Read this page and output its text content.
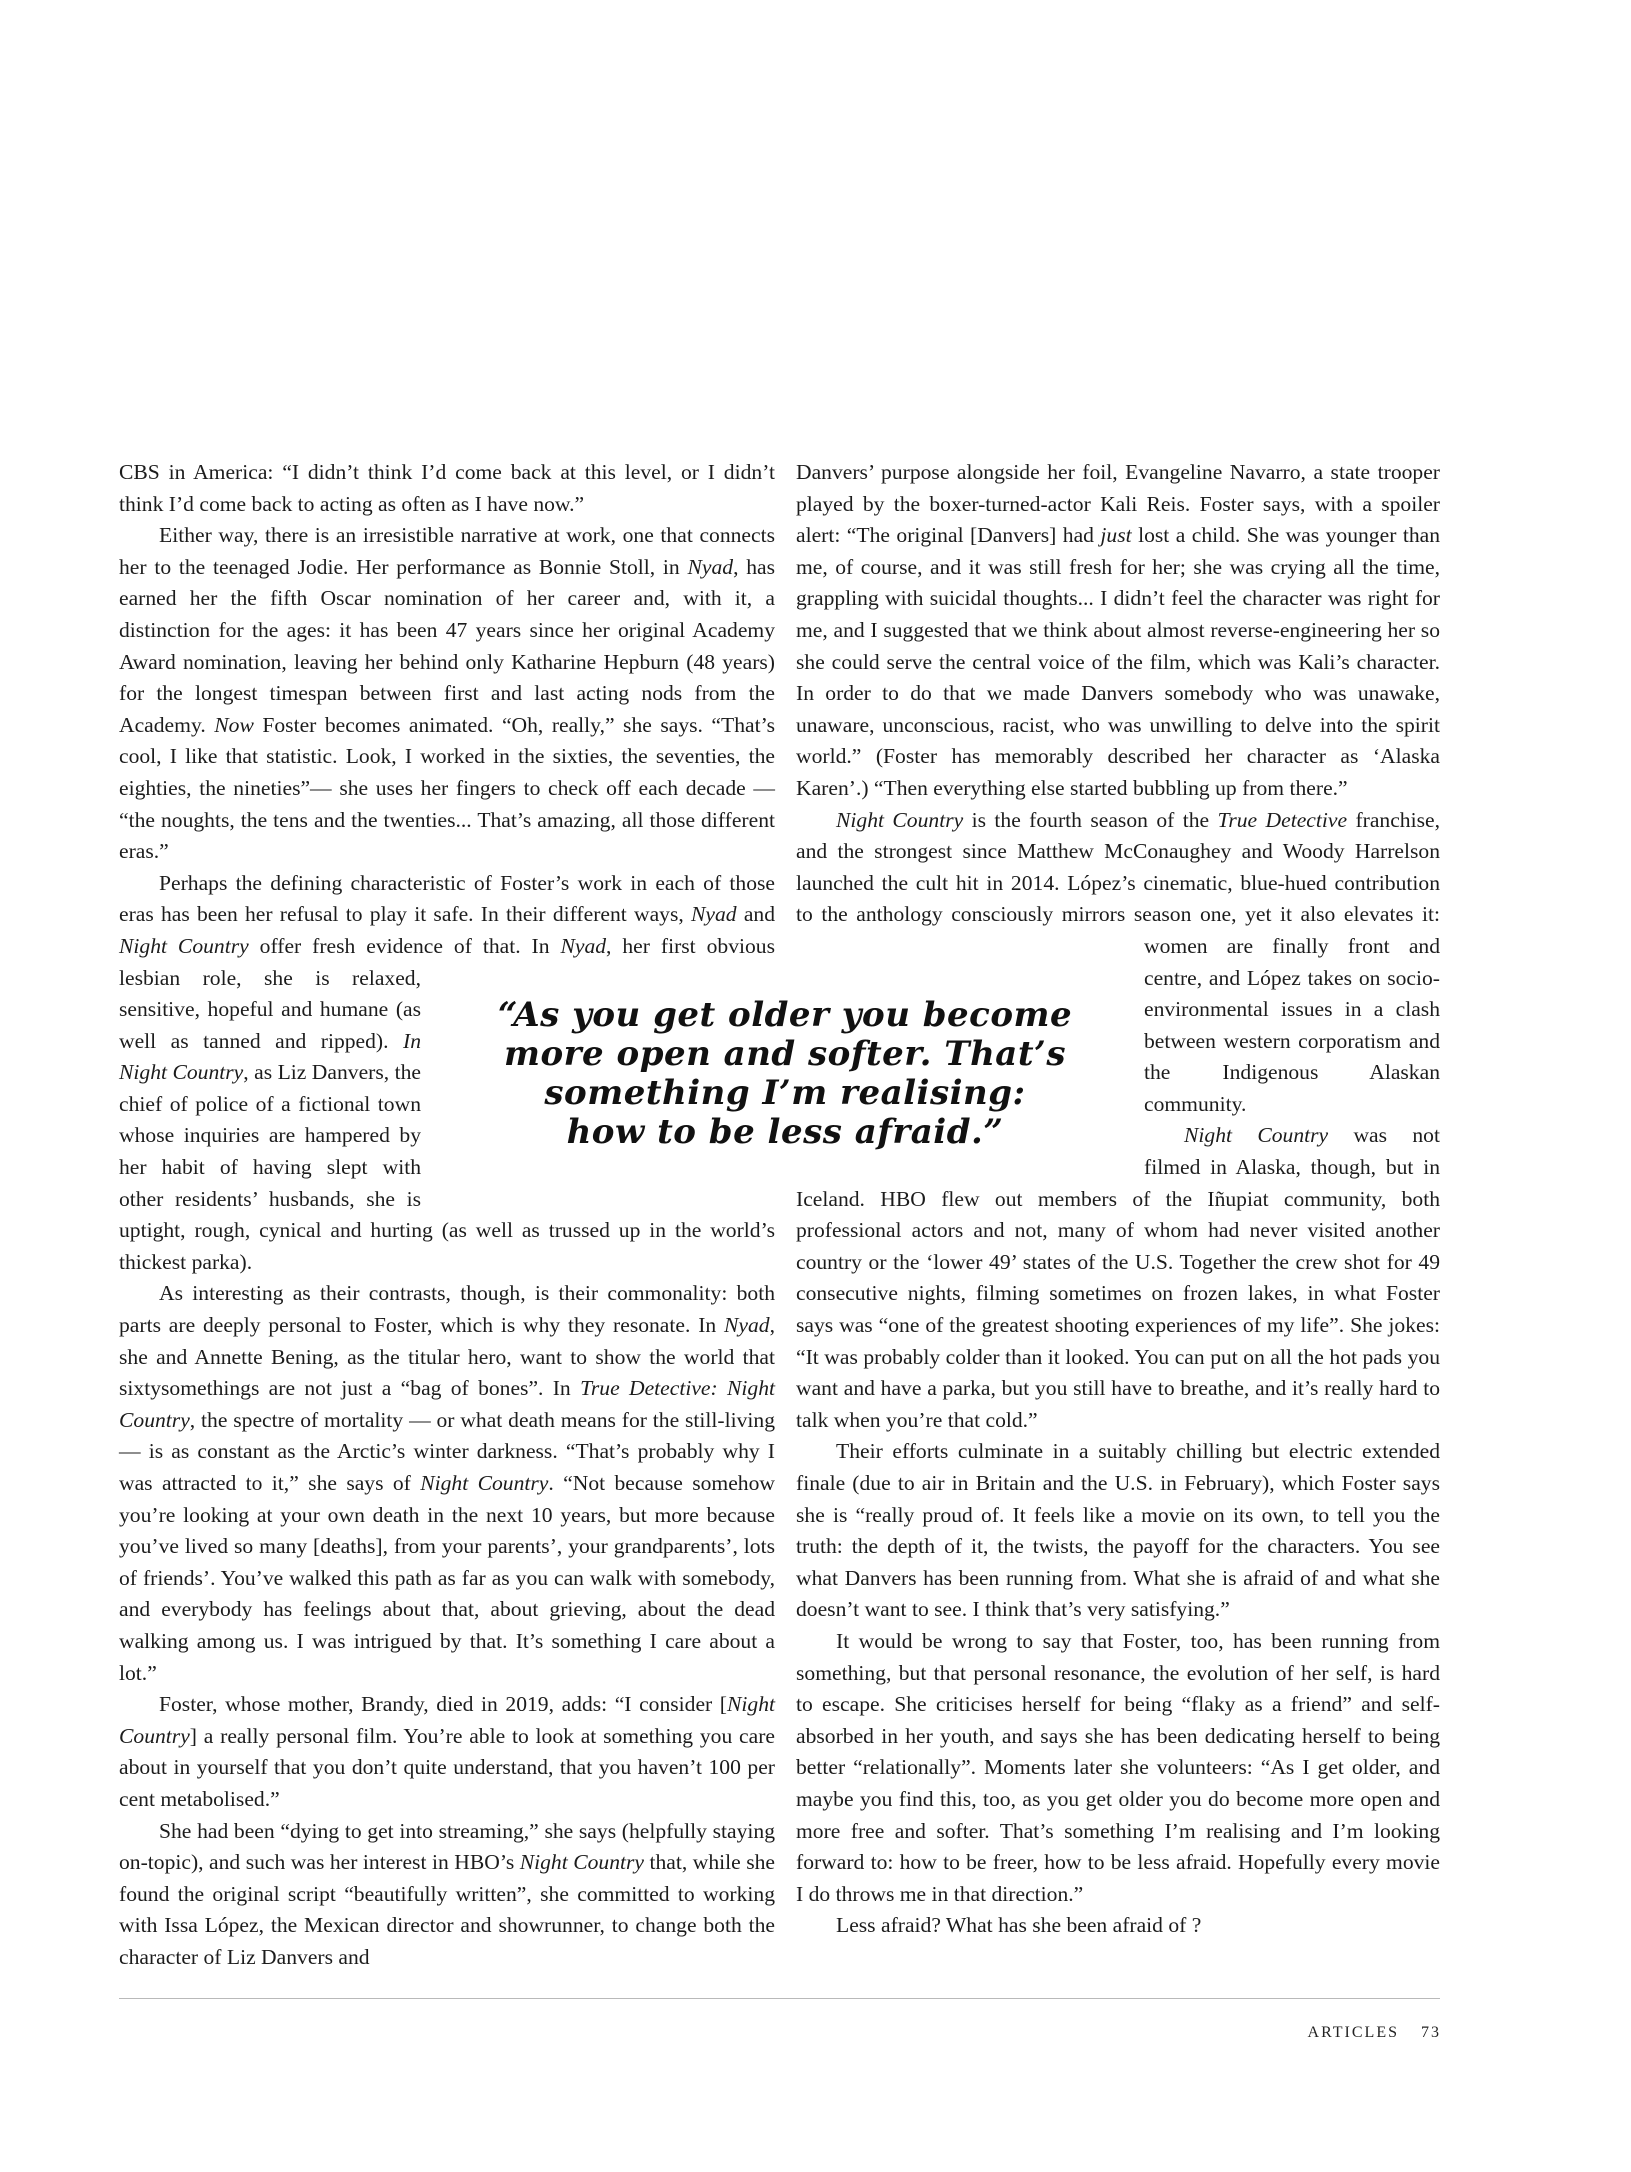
CBS in America: “I didn’t think I’d come back at this level, or I didn’t think I’d come back to acting as often as I have now.”

Either way, there is an irresistible narrative at work, one that connects her to the teenaged Jodie. Her performance as Bonnie Stoll, in Nyad, has earned her the fifth Oscar nomination of her career and, with it, a distinction for the ages: it has been 47 years since her original Academy Award nomination, leaving her behind only Katharine Hepburn (48 years) for the longest timespan between first and last acting nods from the Academy. Now Foster becomes animated. “Oh, really,” she says. “That’s cool, I like that statistic. Look, I worked in the sixties, the seventies, the eighties, the nineties”— she uses her fingers to check off each decade — “the noughts, the tens and the twenties... That’s amazing, all those different eras.”

Perhaps the defining characteristic of Foster’s work in each of those eras has been her refusal to play it safe. In their different ways, Nyad and Night Country offer fresh evidence of that. In
Nyad, her first obvious lesbian role, she is relaxed, sensitive, hopeful and humane (as well as tanned and ripped). In Night Country, as Liz Danvers, the chief of police of a fictional town whose inquiries are hampered by her habit of having slept with other residents’ husbands, she is uptight, rough, cynical and hurting (as well as trussed up in the world’s thickest parka).

As interesting as their contrasts, though, is their commonality: both parts are deeply personal to Foster, which is why they resonate. In Nyad, she and Annette Bening, as the titular hero, want to show the world that sixtysomethings are not just a “bag of bones”. In True Detective: Night Country, the spectre of mortality — or what death means for the still-living — is as constant as the Arctic’s winter darkness. “That’s probably why I was attracted to it,” she says of Night Country. “Not because somehow you’re looking at your own death in the next 10 years, but more because you’ve lived so many [deaths], from your parents’, your grandparents’, lots of friends’. You’ve walked this path as far as you can walk with somebody, and everybody has feelings about that, about grieving, about the dead walking among us. I was intrigued by that. It’s something I care about a lot.”

Foster, whose mother, Brandy, died in 2019, adds: “I consider [Night Country] a really personal film. You’re able to look at something you care about in yourself that you don’t quite understand, that you haven’t 100 per cent metabolised.”

She had been “dying to get into streaming,” she says (helpfully staying on-topic), and such was her interest in HBO’s Night Country that, while she found the original script “beautifully written”, she committed to working with Issa López, the Mexican director and showrunner, to change both the character of Liz Danvers and

Danvers’ purpose alongside her foil, Evangeline Navarro, a state trooper played by the boxer-turned-actor Kali Reis. Foster says, with a spoiler alert: “The original [Danvers] had just lost a child. She was younger than me, of course, and it was still fresh for her; she was crying all the time, grappling with suicidal thoughts... I didn’t feel the character was right for me, and I suggested that we think about almost reverse-engineering her so she could serve the central voice of the film, which was Kali’s character. In order to do that we made Danvers somebody who was unawake, unaware, unconscious, racist, who was unwilling to delve into the spirit world.” (Foster has memorably described her character as ‘Alaska Karen’.) “Then everything else started bubbling up from there.”

Night Country is the fourth season of the True Detective franchise, and the strongest since Matthew McConaughey and Woody Harrelson launched the cult hit in 2014. López’s cinematic, blue-hued contribution to the anthology consciously mirrors
season one, yet it also elevates it: women are finally front and centre, and López takes on socio-environmental issues in a clash between western corporatism and the Indigenous Alaskan community.

Night Country was not filmed in Alaska, though, but in Iceland. HBO flew out members of the Iñupiat community, both professional actors and not, many of whom had never visited another country or the ‘lower 49’ states of the U.S. Together the crew shot for 49 consecutive nights, filming sometimes on frozen lakes, in what Foster says was “one of the greatest shooting experiences of my life”. She jokes: “It was probably colder than it looked. You can put on all the hot pads you want and have a parka, but you still have to breathe, and it’s really hard to talk when you’re that cold.”

Their efforts culminate in a suitably chilling but electric extended finale (due to air in Britain and the U.S. in February), which Foster says she is “really proud of. It feels like a movie on its own, to tell you the truth: the depth of it, the twists, the payoff for the characters. You see what Danvers has been running from. What she is afraid of and what she doesn’t want to see. I think that’s very satisfying.”

It would be wrong to say that Foster, too, has been running from something, but that personal resonance, the evolution of her self, is hard to escape. She criticises herself for being “flaky as a friend” and self-absorbed in her youth, and says she has been dedicating herself to being better “relationally”. Moments later she volunteers: “As I get older, and maybe you find this, too, as you get older you do become more open and more free and softer. That’s something I’m realising and I’m looking forward to: how to be freer, how to be less afraid. Hopefully every movie I do throws me in that direction.”

Less afraid? What has she been afraid of ?

“As you get older you become
more open and softer. That’s
something I’m realising:
how to be less afraid.”
ARTICLES 73
